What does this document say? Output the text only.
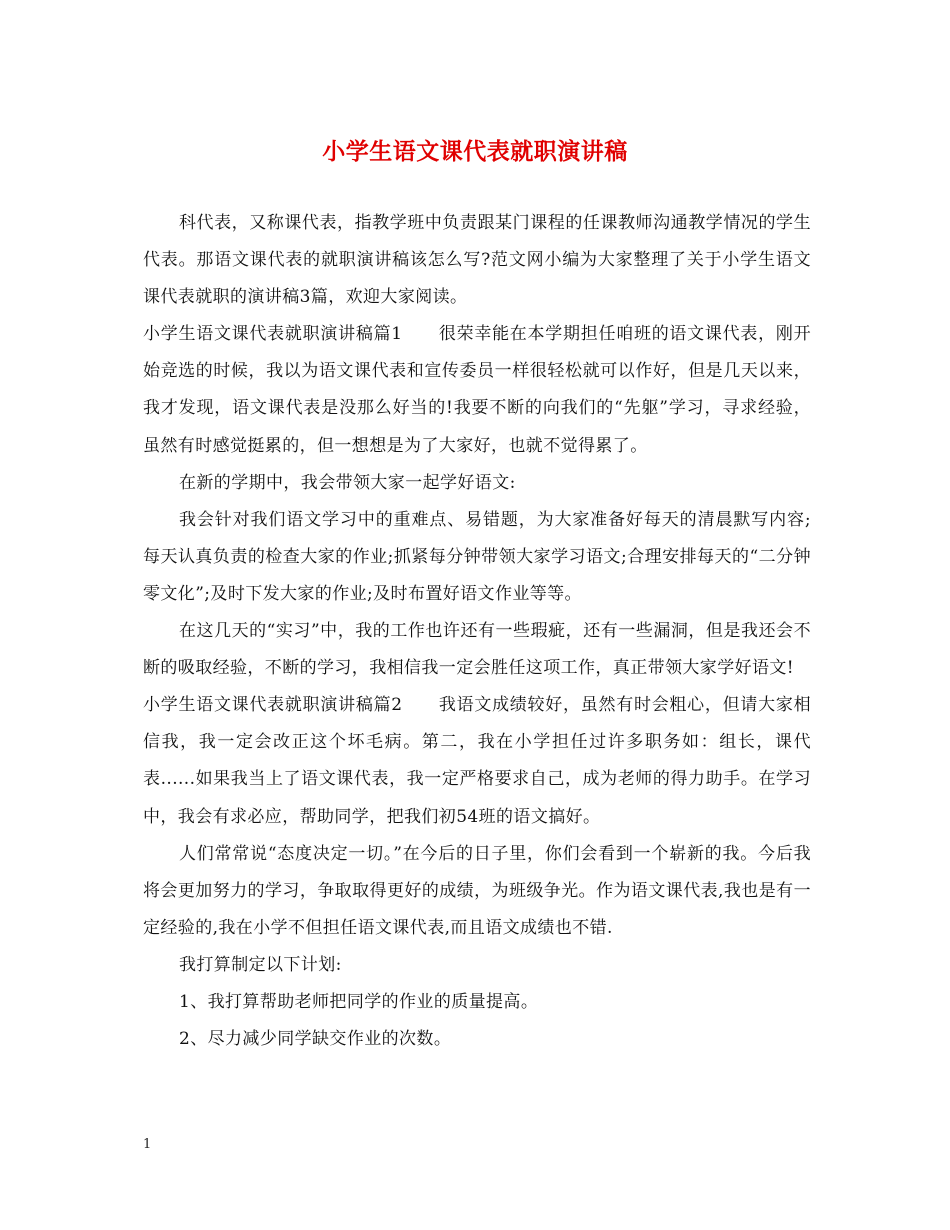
小学生语文课代表就职演讲稿

科代表，又称课代表，指教学班中负责跟某门课程的任课教师沟通教学情况的学生代表。那语文课代表的就职演讲稿该怎么写?范文网小编为大家整理了关于小学生语文课代表就职的演讲稿3篇，欢迎大家阅读。

小学生语文课代表就职演讲稿篇1 很荣幸能在本学期担任咱班的语文课代表，刚开始竞选的时候，我以为语文课代表和宣传委员一样很轻松就可以作好，但是几天以来，我才发现，语文课代表是没那么好当的!我要不断的向我们的“先躯”学习，寻求经验，虽然有时感觉挺累的，但一想想是为了大家好，也就不觉得累了。

在新的学期中，我会带领大家一起学好语文:

我会针对我们语文学习中的重难点、易错题，为大家准备好每天的清晨默写内容;每天认真负责的检查大家的作业;抓紧每分钟带领大家学习语文;合理安排每天的“二分钟零文化”;及时下发大家的作业;及时布置好语文作业等等。

在这几天的“实习”中，我的工作也许还有一些瑕疵，还有一些漏洞，但是我还会不断的吸取经验，不断的学习，我相信我一定会胜任这项工作，真正带领大家学好语文!

小学生语文课代表就职演讲稿篇2 我语文成绩较好，虽然有时会粗心，但请大家相信我，我一定会改正这个坏毛病。第二，我在小学担任过许多职务如：组长，课代表......如果我当上了语文课代表，我一定严格要求自己，成为老师的得力助手。在学习中，我会有求必应，帮助同学，把我们初54班的语文搞好。

人们常常说“态度决定一切。”在今后的日子里，你们会看到一个崭新的我。今后我将会更加努力的学习，争取取得更好的成绩，为班级争光。作为语文课代表,我也是有一定经验的,我在小学不但担任语文课代表,而且语文成绩也不错.

我打算制定以下计划:

1、我打算帮助老师把同学的作业的质量提高。

2、尽力减少同学缺交作业的次数。

1
